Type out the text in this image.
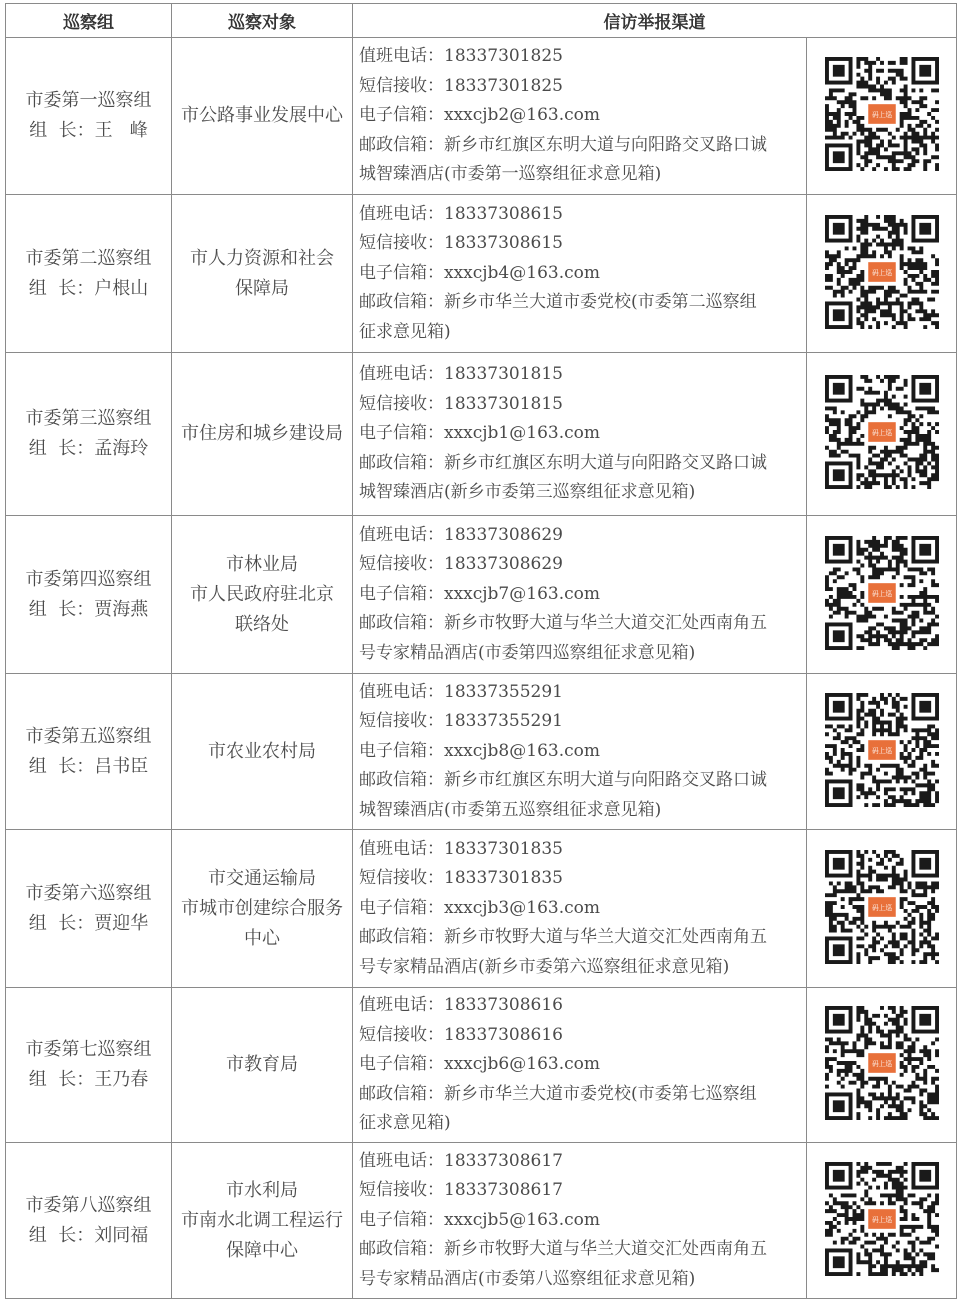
巡察组	巡察对象	信访举报渠道	

市委第一巡察组
组  长：王   峰	市公路事业发展中心	值班电话：18337301825
短信接收：18337301825
电子信箱：xxxcjb2@163.com
邮政信箱：新乡市红旗区东明大道与向阳路交叉路口诚
城智臻酒店(市委第一巡察组征求意见箱)	码上巡

市委第二巡察组
组  长：户根山	市人力资源和社会
保障局	值班电话：18337308615
短信接收：18337308615
电子信箱：xxxcjb4@163.com
邮政信箱：新乡市华兰大道市委党校(市委第二巡察组
征求意见箱)	码上巡

市委第三巡察组
组  长：孟海玲	市住房和城乡建设局	值班电话：18337301815
短信接收：18337301815
电子信箱：xxxcjb1@163.com
邮政信箱：新乡市红旗区东明大道与向阳路交叉路口诚
城智臻酒店(新乡市委第三巡察组征求意见箱)	码上巡

市委第四巡察组
组  长：贾海燕	市林业局
市人民政府驻北京
联络处	值班电话：18337308629
短信接收：18337308629
电子信箱：xxxcjb7@163.com
邮政信箱：新乡市牧野大道与华兰大道交汇处西南角五
号专家精品酒店(市委第四巡察组征求意见箱)	码上巡

市委第五巡察组
组  长：吕书臣	市农业农村局	值班电话：18337355291
短信接收：18337355291
电子信箱：xxxcjb8@163.com
邮政信箱：新乡市红旗区东明大道与向阳路交叉路口诚
城智臻酒店(市委第五巡察组征求意见箱)	码上巡

市委第六巡察组
组  长：贾迎华	市交通运输局
市城市创建综合服务
中心	值班电话：18337301835
短信接收：18337301835
电子信箱：xxxcjb3@163.com
邮政信箱：新乡市牧野大道与华兰大道交汇处西南角五
号专家精品酒店(新乡市委第六巡察组征求意见箱)	码上巡

市委第七巡察组
组  长：王乃春	市教育局	值班电话：18337308616
短信接收：18337308616
电子信箱：xxxcjb6@163.com
邮政信箱：新乡市华兰大道市委党校(市委第七巡察组
征求意见箱)	码上巡

市委第八巡察组
组  长：刘同福	市水利局
市南水北调工程运行
保障中心	值班电话：18337308617
短信接收：18337308617
电子信箱：xxxcjb5@163.com
邮政信箱：新乡市牧野大道与华兰大道交汇处西南角五
号专家精品酒店(市委第八巡察组征求意见箱)	码上巡
